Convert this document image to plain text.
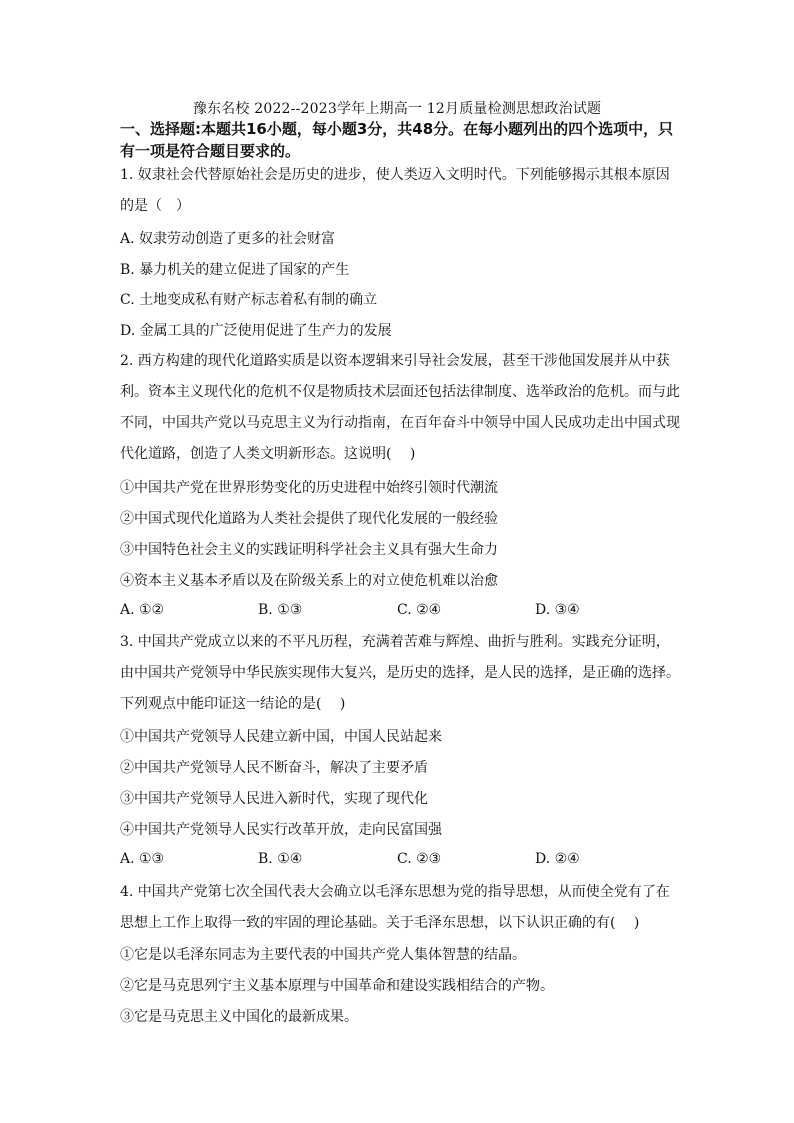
豫东名校 2022--2023学年上期高一 12月质量检测思想政治试题
一、选择题:本题共16小题，每小题3分，共48分。在每小题列出的四个选项中，只有一项是符合题目要求的。
1. 奴隶社会代替原始社会是历史的进步，使人类迈入文明时代。下列能够揭示其根本原因的是（　）
A. 奴隶劳动创造了更多的社会财富
B. 暴力机关的建立促进了国家的产生
C. 土地变成私有财产标志着私有制的确立
D. 金属工具的广泛使用促进了生产力的发展
2. 西方构建的现代化道路实质是以资本逻辑来引导社会发展，甚至干涉他国发展并从中获利。资本主义现代化的危机不仅是物质技术层面还包括法律制度、选举政治的危机。而与此不同，中国共产党以马克思主义为行动指南，在百年奋斗中领导中国人民成功走出中国式现代化道路，创造了人类文明新形态。这说明(　 )
①中国共产党在世界形势变化的历史进程中始终引领时代潮流
②中国式现代化道路为人类社会提供了现代化发展的一般经验
③中国特色社会主义的实践证明科学社会主义具有强大生命力
④资本主义基本矛盾以及在阶级关系上的对立使危机难以治愈
A. ①②	B. ①③	C. ②④	D. ③④
3. 中国共产党成立以来的不平凡历程，充满着苦难与辉煌、曲折与胜利。实践充分证明，由中国共产党领导中华民族实现伟大复兴，是历史的选择，是人民的选择，是正确的选择。下列观点中能印证这一结论的是(　 )
①中国共产党领导人民建立新中国，中国人民站起来
②中国共产党领导人民不断奋斗，解决了主要矛盾
③中国共产党领导人民进入新时代，实现了现代化
④中国共产党领导人民实行改革开放，走向民富国强
A. ①③	B. ①④	C. ②③	D. ②④
4. 中国共产党第七次全国代表大会确立以毛泽东思想为党的指导思想，从而使全党有了在思想上工作上取得一致的牢固的理论基础。关于毛泽东思想，以下认识正确的有(　 )
①它是以毛泽东同志为主要代表的中国共产党人集体智慧的结晶。
②它是马克思列宁主义基本原理与中国革命和建设实践相结合的产物。
③它是马克思主义中国化的最新成果。
